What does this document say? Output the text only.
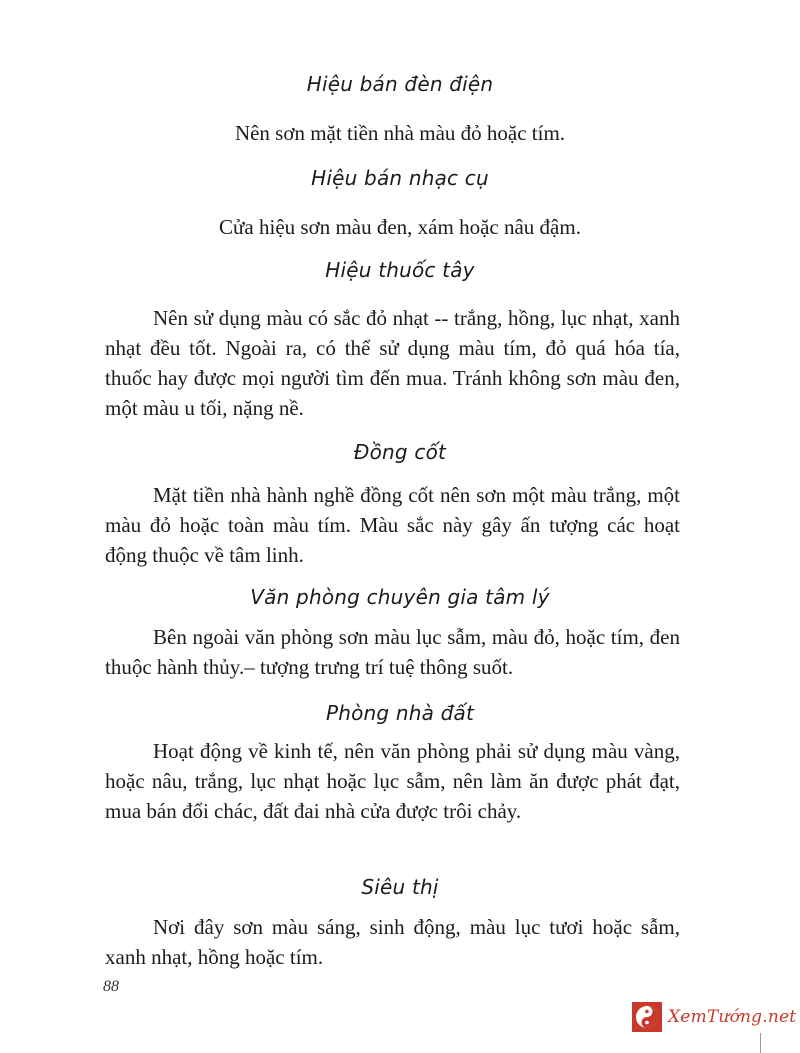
Hiệu bán đèn điện

Nên sơn mặt tiền nhà màu đỏ hoặc tím.

Hiệu bán nhạc cụ

Cửa hiệu sơn màu đen, xám hoặc nâu đậm.

Hiệu thuốc tây

Nên sử dụng màu có sắc đỏ nhạt -- trắng, hồng, lục nhạt, xanh nhạt đều tốt. Ngoài ra, có thể sử dụng màu tím, đỏ quá hóa tía, thuốc hay được mọi người tìm đến mua. Tránh không sơn màu đen, một màu u tối, nặng nề.

Đồng cốt

Mặt tiền nhà hành nghề đồng cốt nên sơn một màu trắng, một màu đỏ hoặc toàn màu tím. Màu sắc này gây ấn tượng các hoạt động thuộc về tâm linh.

Văn phòng chuyên gia tâm lý

Bên ngoài văn phòng sơn màu lục sẫm, màu đỏ, hoặc tím, đen thuộc hành thủy.– tượng trưng trí tuệ thông suốt.

Phòng nhà đất

Hoạt động về kinh tế, nên văn phòng phải sử dụng màu vàng, hoặc nâu, trắng, lục nhạt hoặc lục sẫm, nên làm ăn được phát đạt, mua bán đổi chác, đất đai nhà cửa được trôi chảy.

Siêu thị

Nơi đây sơn màu sáng, sinh động, màu lục tươi hoặc sẫm, xanh nhạt, hồng hoặc tím.

88
XemTướng.net
